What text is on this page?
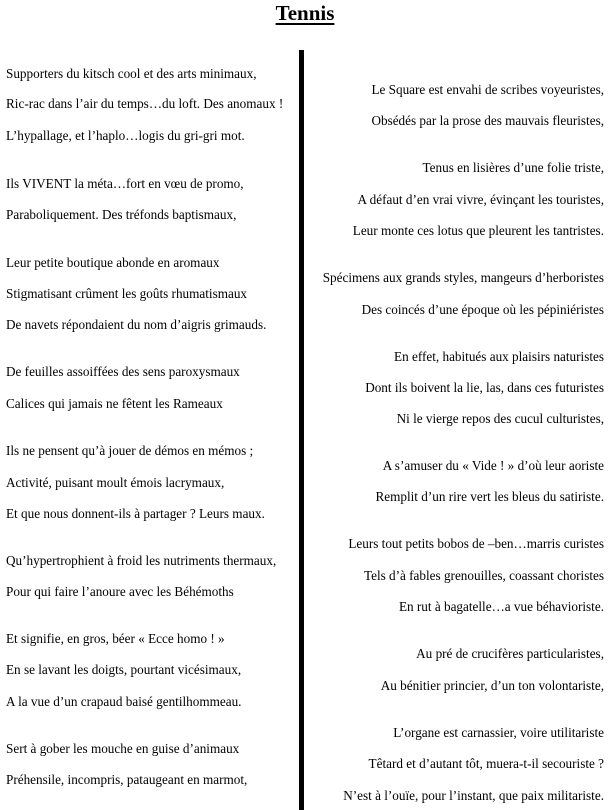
Tennis
Supporters du kitsch cool et des arts minimaux,
Ric-rac dans l’air du temps…du loft. Des anomaux !
L’hypallage, et l’haplo…logis du gri-gri mot.
Ils VIVENT la méta…fort en vœu de promo,
Paraboliquement. Des tréfonds baptismaux,
Leur petite boutique abonde en aromaux
Stigmatisant crûment les goûts rhumatismaux
De navets répondaient du nom d’aigris grimauds.
De feuilles assoiffées des sens paroxysmaux
Calices qui jamais ne fêtent les Rameaux
Ils ne pensent qu’à jouer de démos en mémos ;
Activité, puisant moult émois lacrymaux,
Et que nous donnent-ils à partager ? Leurs maux.
Qu’hypertrophient à froid les nutriments thermaux,
Pour qui faire l’anoure avec les Béhémoths
Et signifie, en gros, béer « Ecce homo ! »
En se lavant les doigts, pourtant vicésimaux,
A la vue d’un crapaud baisé gentilhommeau.
Sert à gober les mouche en guise d’animaux
Préhensile, incompris, pataugeant en marmot,
Le Square est envahi de scribes voyeuristes,
Obsédés par la prose des mauvais fleuristes,
Tenus en lisières d’une folie triste,
A défaut d’en vrai vivre, évinçant les touristes,
Leur monte ces lotus que pleurent les tantristes.
Spécimens aux grands styles, mangeurs d’herboristes
Des coincés d’une époque où les pépiniéristes
En effet, habitués aux plaisirs naturistes
Dont ils boivent la lie, las, dans ces futuristes
Ni le vierge repos des cucul culturistes,
A s’amuser du « Vide ! » d’où leur aoriste
Remplit d’un rire vert les bleus du satiriste.
Leurs tout petits bobos de –ben…marris curistes
Tels d’à fables grenouilles, coassant choristes
En rut à bagatelle…a vue béhavioriste.
Au pré de crucifères particularistes,
Au bénitier princier, d’un ton volontariste,
L’organe est carnassier, voire utilitariste
Têtard et d’autant tôt, muera-t-il secouriste ?
N’est à l’ouïe, pour l’instant, que paix militariste.
